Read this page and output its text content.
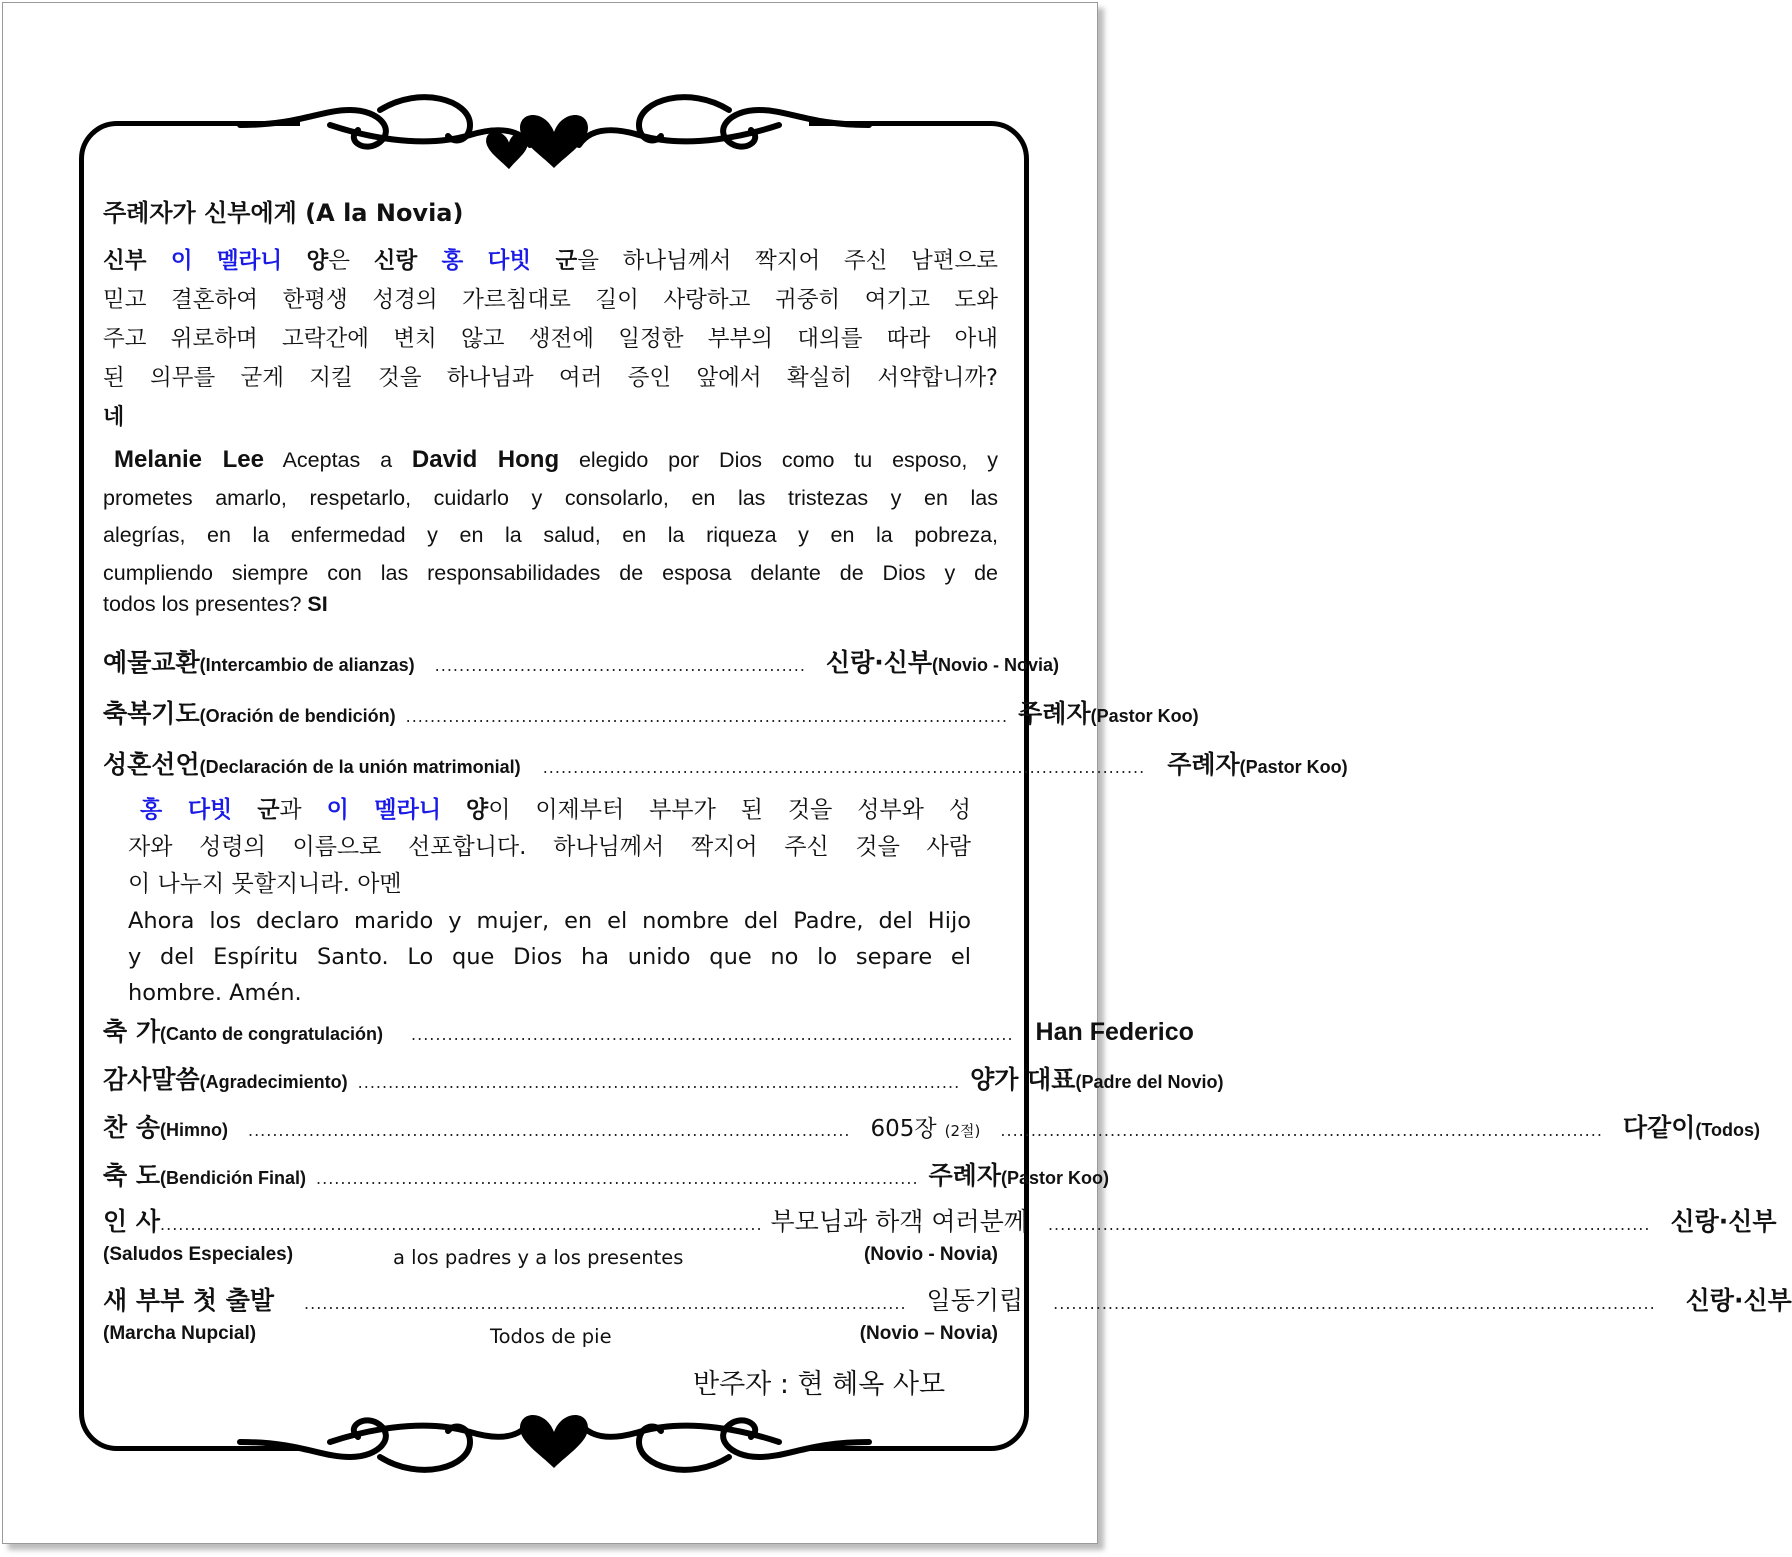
주례자가 신부에게 (A la Novia)
신부 이 멜라니 양은 신랑 홍 다빗 군을 하나님께서 짝지어 주신 남편으로
믿고 결혼하여 한평생 성경의 가르침대로 길이 사랑하고 귀중히 여기고 도와
주고 위로하며 고락간에 변치 않고 생전에 일정한 부부의 대의를 따라 아내
된 의무를 굳게 지킬 것을 하나님과 여러 증인 앞에서 확실히 서약합니까?
네
Melanie Lee Aceptas a David Hong elegido por Dios como tu esposo, y
prometes amarlo, respetarlo, cuidarlo y consolarlo, en las tristezas y en las
alegrías, en la enfermedad y en la salud, en la riqueza y en la pobreza,
cumpliendo siempre con las responsabilidades de esposa delante de Dios y de
todos los presentes? SI
예물교환 (Intercambio de alianzas)	............................................................. 신랑·신부 (Novio - Novia)
축복기도 (Oración de bendición) ................................................................................................... 주례자 (Pastor Koo)
성혼선언 (Declaración de la unión matrimonial)	................................................................................................... 주례자 (Pastor Koo)
홍 다빗 군과 이 멜라니 양이 이제부터 부부가 된 것을 성부와 성
자와 성령의 이름으로 선포합니다. 하나님께서 짝지어 주신 것을 사람
이 나누지 못할지니라. 아멘
Ahora los declaro marido y mujer, en el nombre del Padre, del Hijo
y del Espíritu Santo. Lo que Dios ha unido que no lo separe el
hombre. Amén.
축 가 (Canto de congratulación)	................................................................................................... Han Federico
감사말씀 (Agradecimiento) ................................................................................................... 양가 대표 (Padre del Novio)
찬 송 (Himno)	................................................................................................... 605장 (2절)	................................................................................................... 다같이 (Todos)
축 도 (Bendición Final) ................................................................................................... 주례자 (Pastor Koo)
인 사 ................................................................................................... 부모님과 하객 여러분께	................................................................................................... 신랑·신부
(Saludos Especiales)	a los padres y a los presentes	(Novio - Novia)
새 부부 첫 출발	................................................................................................... 일동기립	...................................................................................................	신랑·신부
(Marcha Nupcial)	Todos de pie	(Novio – Novia)
반주자 : 현 혜옥 사모
